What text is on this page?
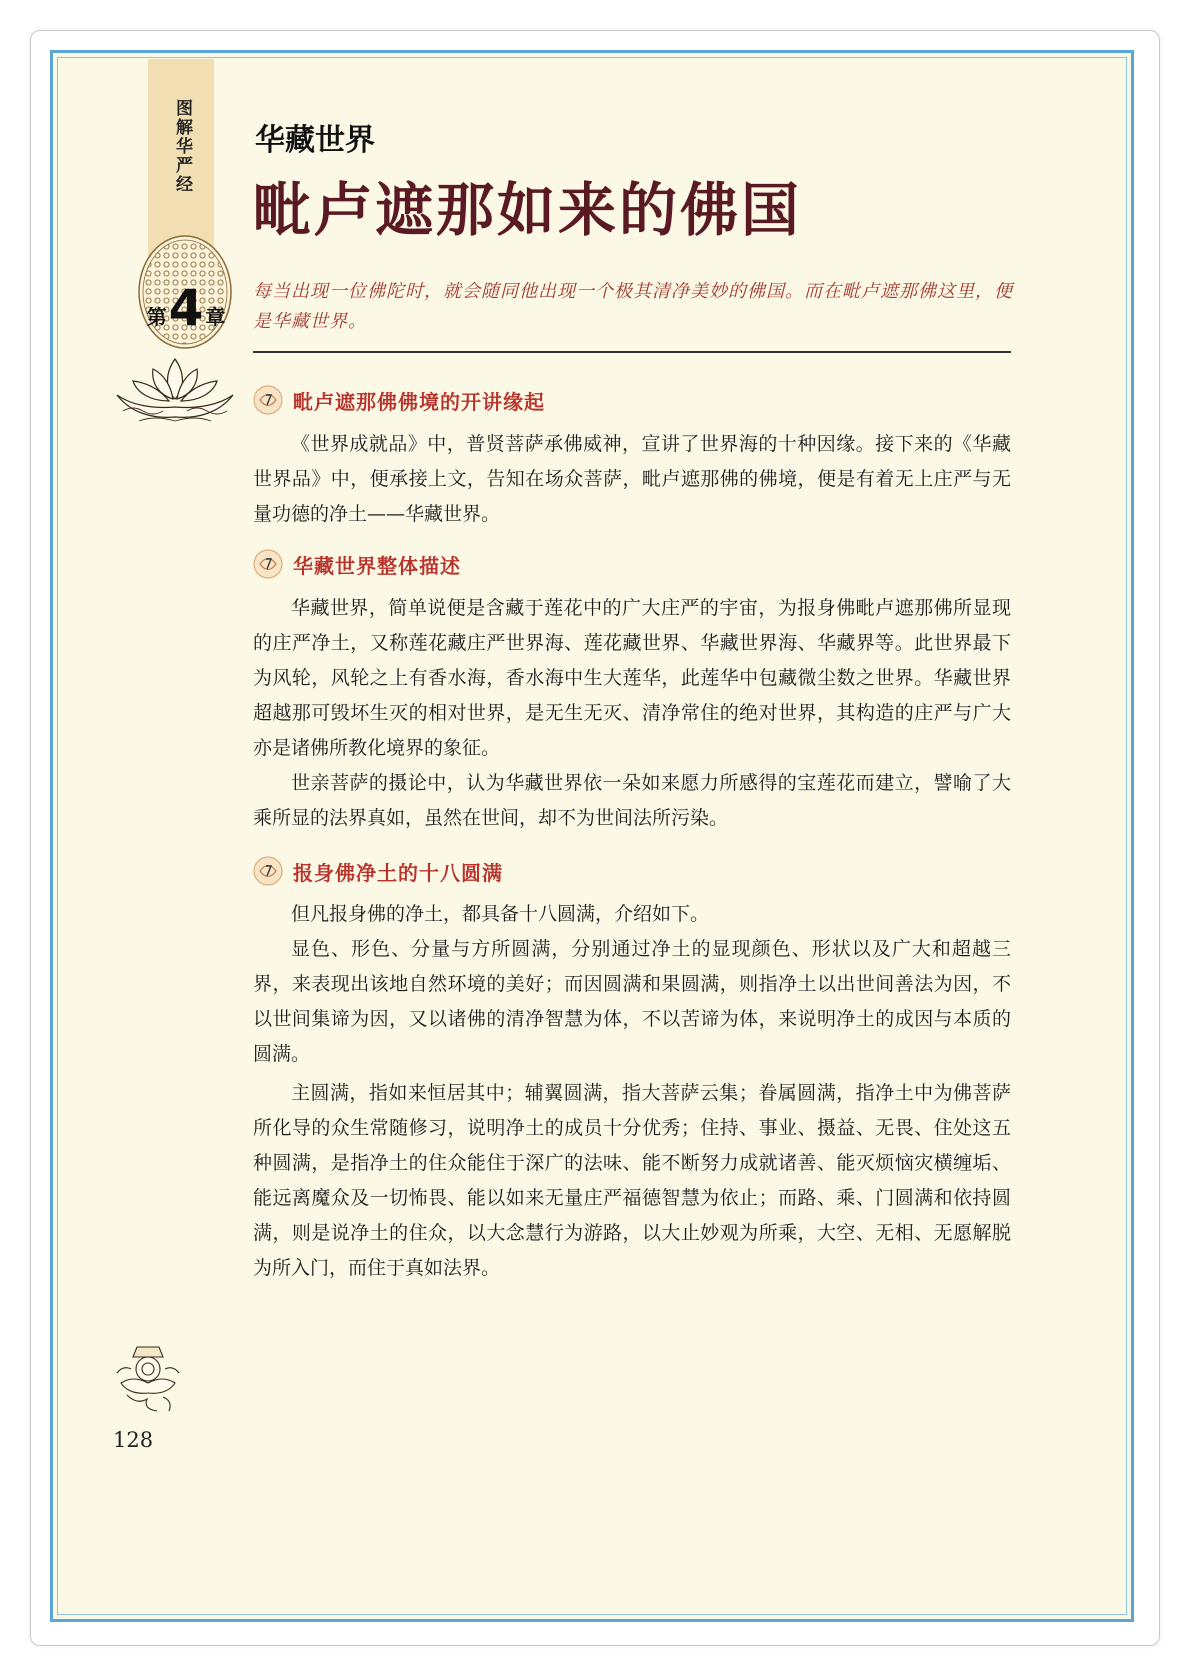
图解华严经
第 4 章
华藏世界
毗卢遮那如来的佛国
每当出现一位佛陀时，就会随同他出现一个极其清净美妙的佛国。而在毗卢遮那佛这里，便是华藏世界。
毗卢遮那佛佛境的开讲缘起

《世界成就品》中，普贤菩萨承佛威神，宣讲了世界海的十种因缘。接下来的《华藏世界品》中，便承接上文，告知在场众菩萨，毗卢遮那佛的佛境，便是有着无上庄严与无量功德的净土——华藏世界。

华藏世界整体描述

华藏世界，简单说便是含藏于莲花中的广大庄严的宇宙，为报身佛毗卢遮那佛所显现的庄严净土，又称莲花藏庄严世界海、莲花藏世界、华藏世界海、华藏界等。此世界最下为风轮，风轮之上有香水海，香水海中生大莲华，此莲华中包藏微尘数之世界。华藏世界超越那可毁坏生灭的相对世界，是无生无灭、清净常住的绝对世界，其构造的庄严与广大亦是诸佛所教化境界的象征。

世亲菩萨的摄论中，认为华藏世界依一朵如来愿力所感得的宝莲花而建立，譬喻了大乘所显的法界真如，虽然在世间，却不为世间法所污染。

报身佛净土的十八圆满

但凡报身佛的净土，都具备十八圆满，介绍如下。

显色、形色、分量与方所圆满，分别通过净土的显现颜色、形状以及广大和超越三界，来表现出该地自然环境的美好；而因圆满和果圆满，则指净土以出世间善法为因，不以世间集谛为因，又以诸佛的清净智慧为体，不以苦谛为体，来说明净土的成因与本质的圆满。

主圆满，指如来恒居其中；辅翼圆满，指大菩萨云集；眷属圆满，指净土中为佛菩萨所化导的众生常随修习，说明净土的成员十分优秀；住持、事业、摄益、无畏、住处这五种圆满，是指净土的住众能住于深广的法味、能不断努力成就诸善、能灭烦恼灾横缠垢、能远离魔众及一切怖畏、能以如来无量庄严福德智慧为依止；而路、乘、门圆满和依持圆满，则是说净土的住众，以大念慧行为游路，以大止妙观为所乘，大空、无相、无愿解脱为所入门，而住于真如法界。

128
